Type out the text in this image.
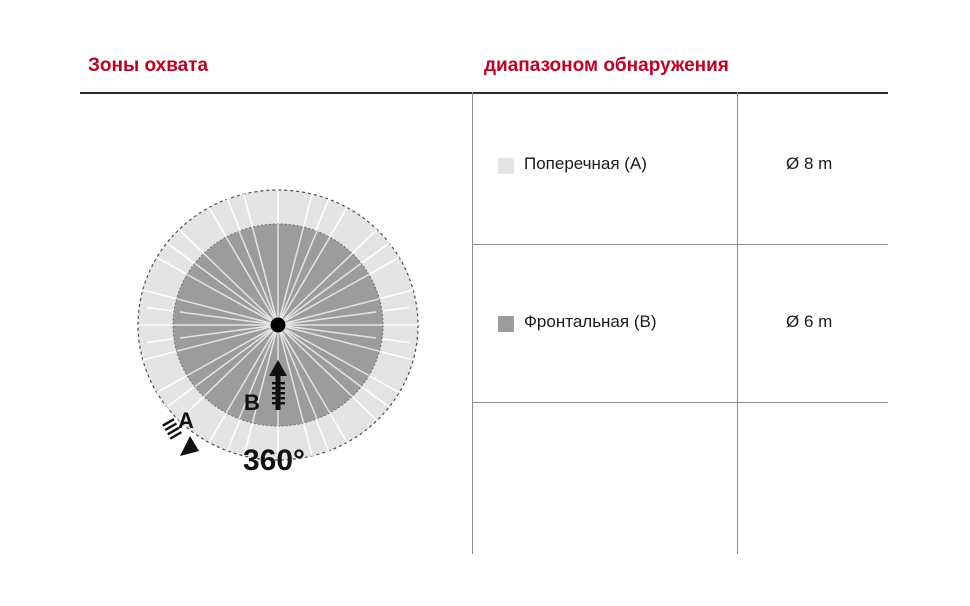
Зоны охвата	диапазоном обнаружения
A
B
360°
Поперечная (A)	Ø 8 m
Фронтальная (B)	Ø 6 m
